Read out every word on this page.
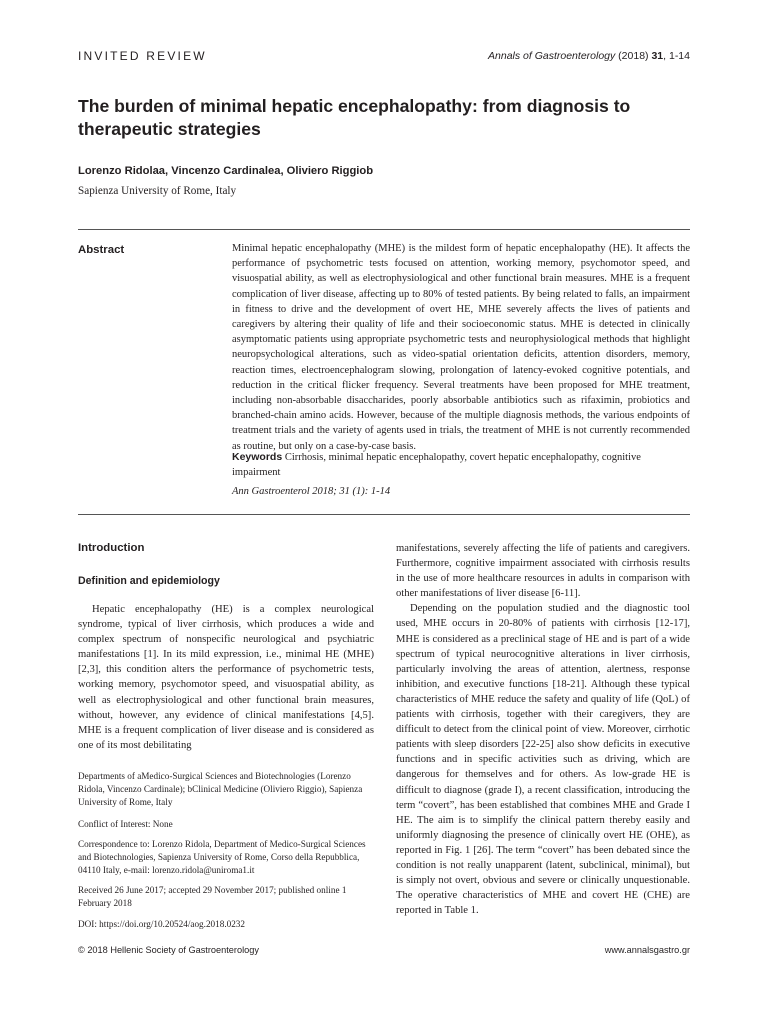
INVITED REVIEW	Annals of Gastroenterology (2018) 31, 1-14
The burden of minimal hepatic encephalopathy: from diagnosis to therapeutic strategies
Lorenzo Ridolaa, Vincenzo Cardinalea, Oliviero Riggiob
Sapienza University of Rome, Italy
Abstract	Minimal hepatic encephalopathy (MHE) is the mildest form of hepatic encephalopathy (HE). It affects the performance of psychometric tests focused on attention, working memory, psychomotor speed, and visuospatial ability, as well as electrophysiological and other functional brain measures. MHE is a frequent complication of liver disease, affecting up to 80% of tested patients. By being related to falls, an impairment in fitness to drive and the development of overt HE, MHE severely affects the lives of patients and caregivers by altering their quality of life and their socioeconomic status. MHE is detected in clinically asymptomatic patients using appropriate psychometric tests and neurophysiological methods that highlight neuropsychological alterations, such as video-spatial orientation deficits, attention disorders, memory, reaction times, electroencephalogram slowing, prolongation of latency-evoked cognitive potentials, and reduction in the critical flicker frequency. Several treatments have been proposed for MHE treatment, including non-absorbable disaccharides, poorly absorbable antibiotics such as rifaximin, probiotics and branched-chain amino acids. However, because of the multiple diagnosis methods, the various endpoints of treatment trials and the variety of agents used in trials, the treatment of MHE is not currently recommended as routine, but only on a case-by-case basis.
Keywords Cirrhosis, minimal hepatic encephalopathy, covert hepatic encephalopathy, cognitive impairment
Ann Gastroenterol 2018; 31 (1): 1-14
Introduction
Definition and epidemiology

Hepatic encephalopathy (HE) is a complex neurological syndrome, typical of liver cirrhosis, which produces a wide and complex spectrum of nonspecific neurological and psychiatric manifestations [1]. In its mild expression, i.e., minimal HE (MHE) [2,3], this condition alters the performance of psychometric tests, working memory, psychomotor speed, and visuospatial ability, as well as electrophysiological and other functional brain measures, without, however, any evidence of clinical manifestations [4,5]. MHE is a frequent complication of liver disease and is considered as one of its most debilitating

manifestations, severely affecting the life of patients and caregivers. Furthermore, cognitive impairment associated with cirrhosis results in the use of more healthcare resources in adults in comparison with other manifestations of liver disease [6-11].

Depending on the population studied and the diagnostic tool used, MHE occurs in 20-80% of patients with cirrhosis [12-17], MHE is considered as a preclinical stage of HE and is part of a wide spectrum of typical neurocognitive alterations in liver cirrhosis, particularly involving the areas of attention, alertness, response inhibition, and executive functions [18-21]. Although these typical characteristics of MHE reduce the safety and quality of life (QoL) of patients with cirrhosis, together with their caregivers, they are difficult to detect from the clinical point of view. Moreover, cirrhotic patients with sleep disorders [22-25] also show deficits in executive functions and in specific activities such as driving, which are dangerous for themselves and for others. As low-grade HE is difficult to diagnose (grade I), a recent classification, introducing the term “covert”, has been established that combines MHE and Grade I HE. The aim is to simplify the clinical pattern thereby easily and uniformly diagnosing the presence of clinically overt HE (OHE), as reported in Fig. 1 [26]. The term “covert” has been debated since the condition is not really unapparent (latent, subclinical, minimal), but is simply not overt, obvious and severe or clinically unquestionable. The operative characteristics of MHE and covert HE (CHE) are reported in Table 1.

Departments of aMedico-Surgical Sciences and Biotechnologies (Lorenzo Ridola, Vincenzo Cardinale); bClinical Medicine (Oliviero Riggio), Sapienza University of Rome, Italy
Conflict of Interest: None
Correspondence to: Lorenzo Ridola, Department of Medico-Surgical Sciences and Biotechnologies, Sapienza University of Rome, Corso della Repubblica, 04110 Italy, e-mail: lorenzo.ridola@uniroma1.it
Received 26 June 2017; accepted 29 November 2017; published online 1 February 2018
DOI: https://doi.org/10.20524/aog.2018.0232
© 2018 Hellenic Society of Gastroenterology	www.annalsgastro.gr
